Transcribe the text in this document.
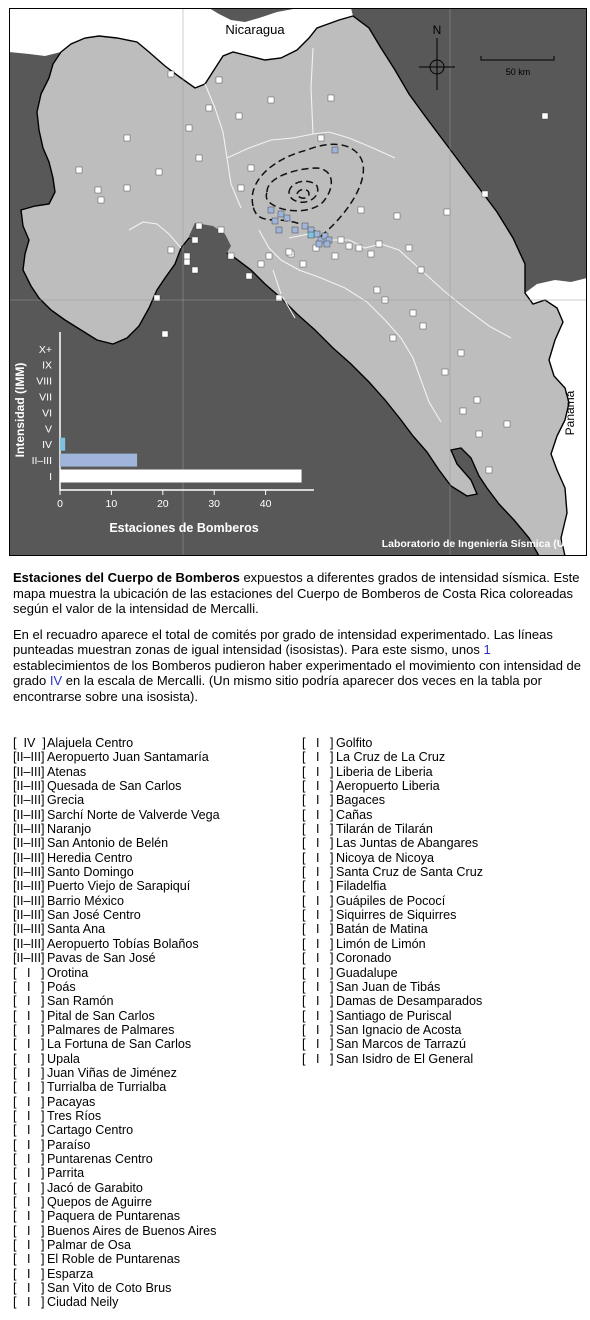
Nicaragua
Panamá
N
50 km
Intensidad (IMM)
Estaciones de Bomberos
I
II–III
IV
V
VI
VII
VIII
IX
X+
0	10	20	30	40
Laboratorio de Ingeniería Sísmica (UCR)

Estaciones del Cuerpo de Bomberos expuestos a diferentes grados de intensidad sísmica. Este mapa muestra la ubicación de las estaciones del Cuerpo de Bomberos de Costa Rica coloreadas según el valor de la intensidad de Mercalli.

En el recuadro aparece el total de comités por grado de intensidad experimentado. Las líneas punteadas muestran zonas de igual intensidad (isosistas). Para este sismo, unos 1 establecimientos de los Bomberos pudieron haber experimentado el movimiento con intensidad de grado IV en la escala de Mercalli. (Un mismo sitio podría aparecer dos veces en la tabla por encontrarse sobre una isosista).

[  IV  ]Alajuela Centro
[II–III] Aeropuerto Juan Santamaría
[II–III] Atenas
[II–III] Quesada de San Carlos
[II–III] Grecia
[II–III] Sarchí Norte de Valverde Vega
[II–III] Naranjo
[II–III] San Antonio de Belén
[II–III] Heredia Centro
[II–III] Santo Domingo
[II–III] Puerto Viejo de Sarapiquí
[II–III] Barrio México
[II–III] San José Centro
[II–III] Santa Ana
[II–III] Aeropuerto Tobías Bolaños
[II–III] Pavas de San José
[   I   ] Orotina
[   I   ] Poás
[   I   ] San Ramón
[   I   ] Pital de San Carlos
[   I   ] Palmares de Palmares
[   I   ] La Fortuna de San Carlos
[   I   ] Upala
[   I   ] Juan Viñas de Jiménez
[   I   ] Turrialba de Turrialba
[   I   ] Pacayas
[   I   ] Tres Ríos
[   I   ] Cartago Centro
[   I   ] Paraíso
[   I   ] Puntarenas Centro
[   I   ] Parrita
[   I   ] Jacó de Garabito
[   I   ] Quepos de Aguirre
[   I   ] Paquera de Puntarenas
[   I   ] Buenos Aires de Buenos Aires
[   I   ] Palmar de Osa
[   I   ] El Roble de Puntarenas
[   I   ] Esparza
[   I   ] San Vito de Coto Brus
[   I   ] Ciudad Neily
[   I   ] Golfito
[   I   ] La Cruz de La Cruz
[   I   ] Liberia de Liberia
[   I   ] Aeropuerto Liberia
[   I   ] Bagaces
[   I   ] Cañas
[   I   ] Tilarán de Tilarán
[   I   ] Las Juntas de Abangares
[   I   ] Nicoya de Nicoya
[   I   ] Santa Cruz de Santa Cruz
[   I   ] Filadelfia
[   I   ] Guápiles de Pococí
[   I   ] Siquirres de Siquirres
[   I   ] Batán de Matina
[   I   ] Limón de Limón
[   I   ] Coronado
[   I   ] Guadalupe
[   I   ] San Juan de Tibás
[   I   ] Damas de Desamparados
[   I   ] Santiago de Puriscal
[   I   ] San Ignacio de Acosta
[   I   ] San Marcos de Tarrazú
[   I   ] San Isidro de El General
